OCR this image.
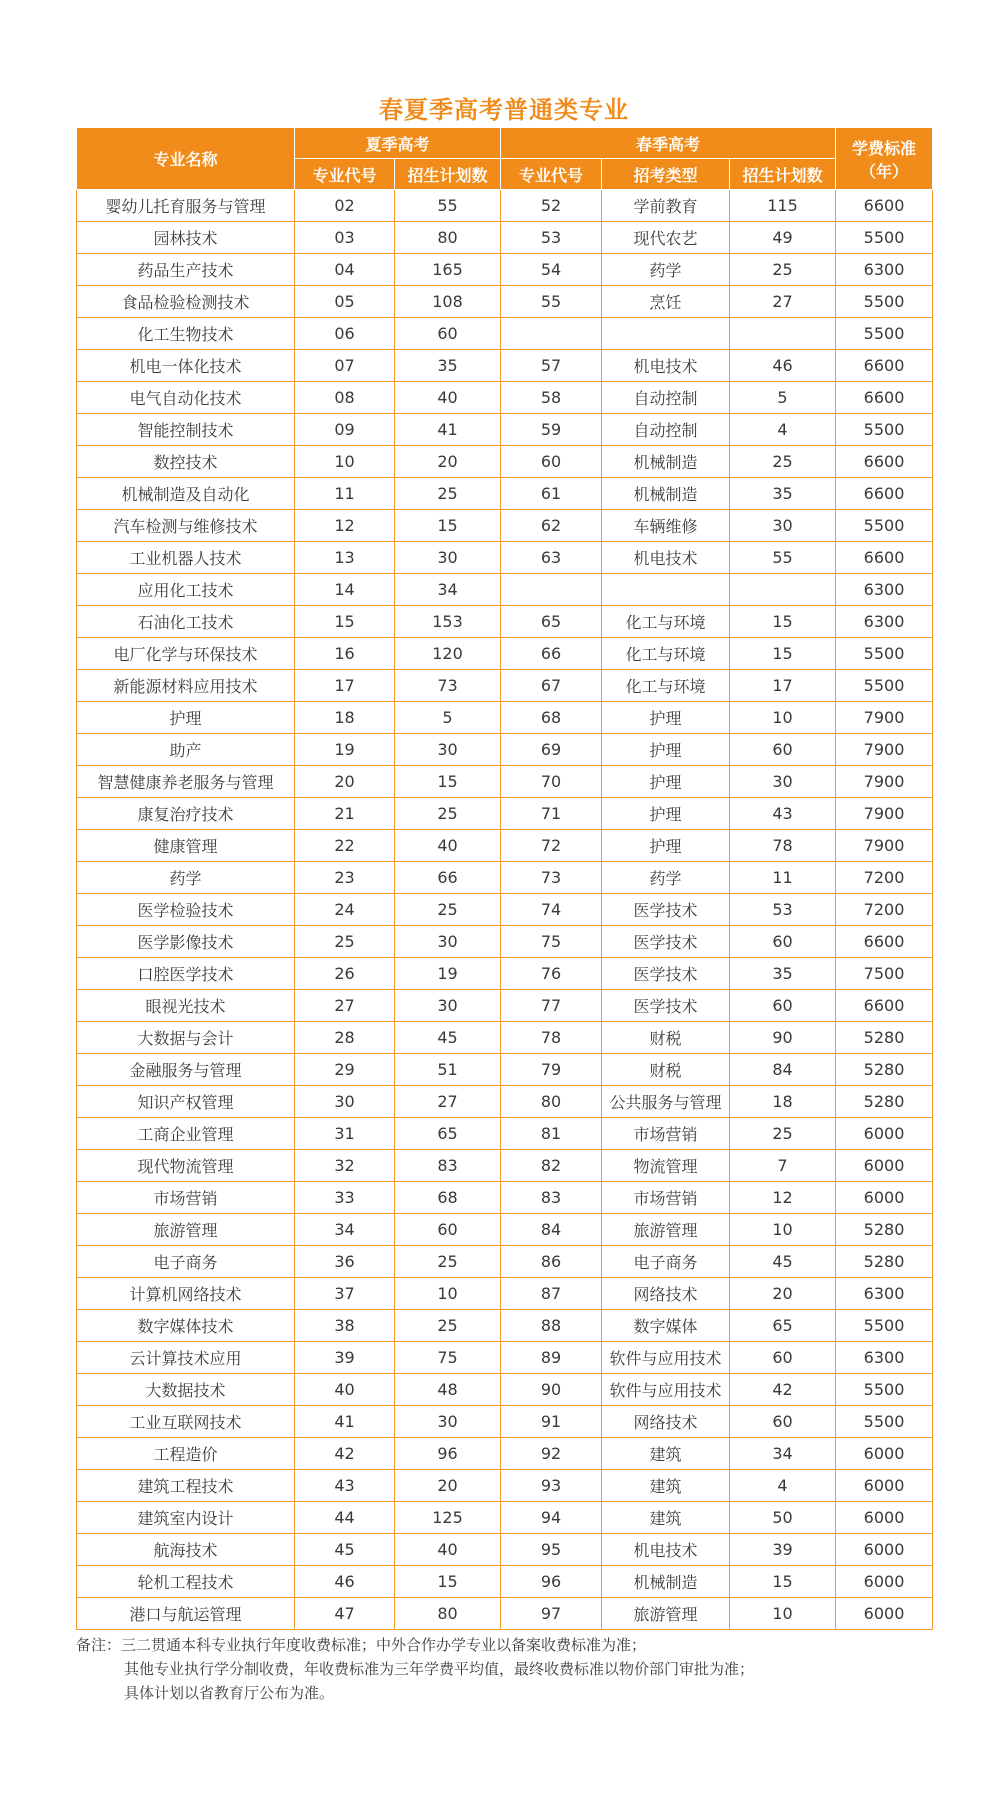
春夏季高考普通类专业
专业名称	夏季高考		春季高考			学费标准
（年）

	专业代号	招生计划数	专业代号	招考类型	招生计划数	
婴幼儿托育服务与管理	02	55	52	学前教育	115	6600
园林技术	03	80	53	现代农艺	49	5500
药品生产技术	04	165	54	药学	25	6300
食品检验检测技术	05	108	55	烹饪	27	5500
化工生物技术	06	60				5500
机电一体化技术	07	35	57	机电技术	46	6600
电气自动化技术	08	40	58	自动控制	5	6600
智能控制技术	09	41	59	自动控制	4	5500
数控技术	10	20	60	机械制造	25	6600
机械制造及自动化	11	25	61	机械制造	35	6600
汽车检测与维修技术	12	15	62	车辆维修	30	5500
工业机器人技术	13	30	63	机电技术	55	6600
应用化工技术	14	34				6300
石油化工技术	15	153	65	化工与环境	15	6300
电厂化学与环保技术	16	120	66	化工与环境	15	5500
新能源材料应用技术	17	73	67	化工与环境	17	5500
护理	18	5	68	护理	10	7900
助产	19	30	69	护理	60	7900
智慧健康养老服务与管理	20	15	70	护理	30	7900
康复治疗技术	21	25	71	护理	43	7900
健康管理	22	40	72	护理	78	7900
药学	23	66	73	药学	11	7200
医学检验技术	24	25	74	医学技术	53	7200
医学影像技术	25	30	75	医学技术	60	6600
口腔医学技术	26	19	76	医学技术	35	7500
眼视光技术	27	30	77	医学技术	60	6600
大数据与会计	28	45	78	财税	90	5280
金融服务与管理	29	51	79	财税	84	5280
知识产权管理	30	27	80	公共服务与管理	18	5280
工商企业管理	31	65	81	市场营销	25	6000
现代物流管理	32	83	82	物流管理	7	6000
市场营销	33	68	83	市场营销	12	6000
旅游管理	34	60	84	旅游管理	10	5280
电子商务	36	25	86	电子商务	45	5280
计算机网络技术	37	10	87	网络技术	20	6300
数字媒体技术	38	25	88	数字媒体	65	5500
云计算技术应用	39	75	89	软件与应用技术	60	6300
大数据技术	40	48	90	软件与应用技术	42	5500
工业互联网技术	41	30	91	网络技术	60	5500
工程造价	42	96	92	建筑	34	6000
建筑工程技术	43	20	93	建筑	4	6000
建筑室内设计	44	125	94	建筑	50	6000
航海技术	45	40	95	机电技术	39	6000
轮机工程技术	46	15	96	机械制造	15	6000
港口与航运管理	47	80	97	旅游管理	10	6000
备注：三二贯通本科专业执行年度收费标准；中外合作办学专业以备案收费标准为准；
其他专业执行学分制收费，年收费标准为三年学费平均值，最终收费标准以物价部门审批为准；
具体计划以省教育厅公布为准。
